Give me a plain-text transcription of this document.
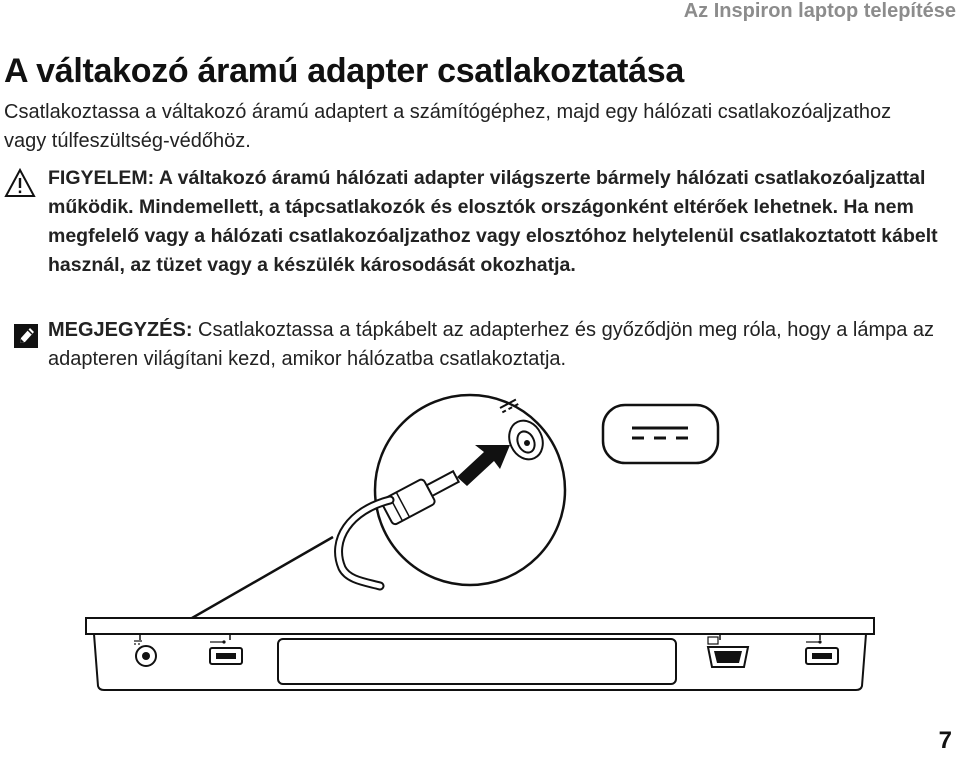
Az Inspiron laptop telepítése
A váltakozó áramú adapter csatlakoztatása

Csatlakoztassa a váltakozó áramú adaptert a számítógéphez, majd egy hálózati csatlakozóaljzathoz vagy túlfeszültség-védőhöz.

FIGYELEM: A váltakozó áramú hálózati adapter világszerte bármely hálózati csatlakozóaljzattal működik. Mindemellett, a tápcsatlakozók és elosztók országonként eltérőek lehetnek. Ha nem megfelelő vagy a hálózati csatlakozóaljzathoz vagy elosztóhoz helytelenül csatlakoztatott kábelt használ, az tüzet vagy a készülék károsodását okozhatja.
MEGJEGYZÉS: Csatlakoztassa a tápkábelt az adapterhez és győződjön meg róla, hogy a lámpa az adapteren világítani kezd, amikor hálózatba csatlakoztatja.
7
